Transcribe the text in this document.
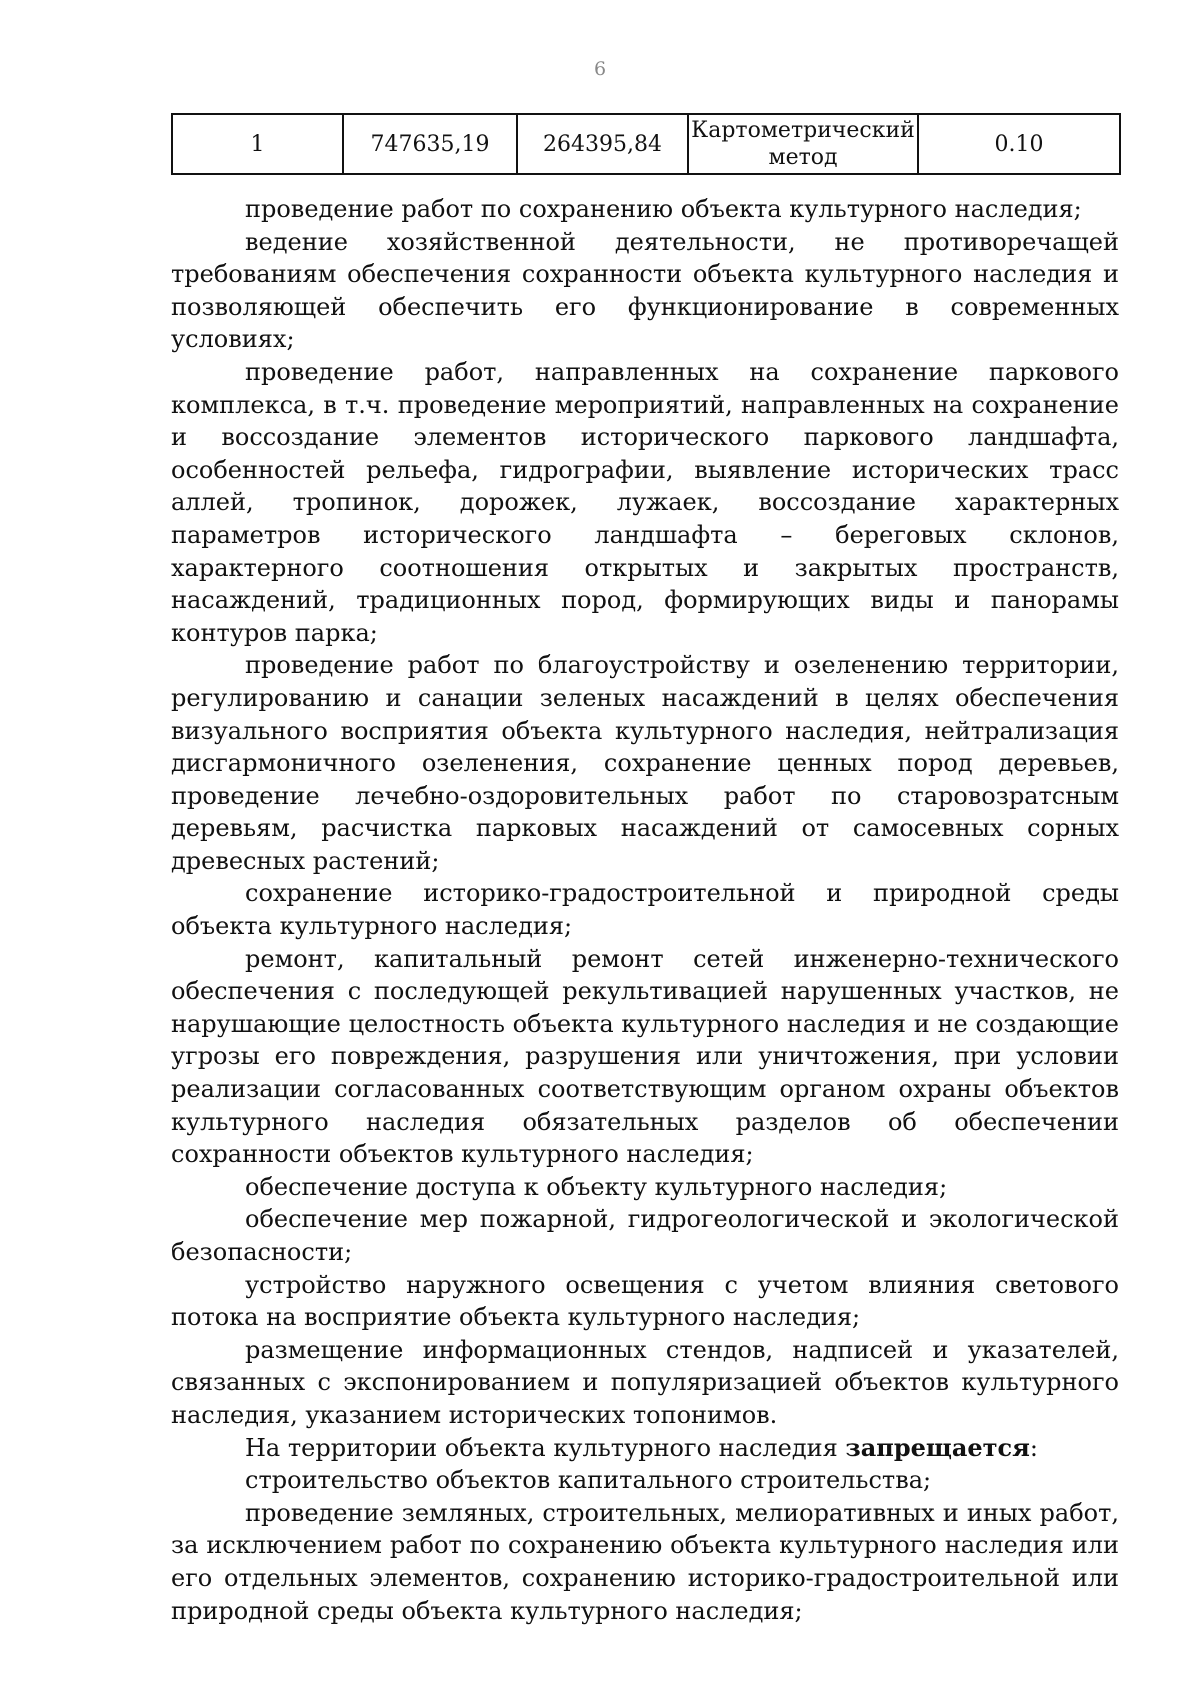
6
1	747635,19	264395,84	Картометрический метод	0.10

проведение работ по сохранению объекта культурного наследия;

ведение хозяйственной деятельности, не противоречащей требованиям обеспечения сохранности объекта культурного наследия и позволяющей обеспечить его функционирование в современных условиях;

проведение работ, направленных на сохранение паркового комплекса, в т.ч. проведение мероприятий, направленных на сохранение и воссоздание элементов исторического паркового ландшафта, особенностей рельефа, гидрографии, выявление исторических трасс аллей, тропинок, дорожек, лужаек, воссоздание характерных параметров исторического ландшафта – береговых склонов, характерного соотношения открытых и закрытых пространств, насаждений, традиционных пород, формирующих виды и панорамы контуров парка;

проведение работ по благоустройству и озеленению территории, регулированию и санации зеленых насаждений в целях обеспечения визуального восприятия объекта культурного наследия, нейтрализация дисгармоничного озеленения, сохранение ценных пород деревьев, проведение лечебно-оздоровительных работ по старовозратсным деревьям, расчистка парковых насаждений от самосевных сорных древесных растений;

сохранение историко-градостроительной и природной среды объекта культурного наследия;

ремонт, капитальный ремонт сетей инженерно-технического обеспечения с последующей рекультивацией нарушенных участков, не нарушающие целостность объекта культурного наследия и не создающие угрозы его повреждения, разрушения или уничтожения, при условии реализации согласованных соответствующим органом охраны объектов культурного наследия обязательных разделов об обеспечении сохранности объектов культурного наследия;

обеспечение доступа к объекту культурного наследия;

обеспечение мер пожарной, гидрогеологической и экологической безопасности;

устройство наружного освещения с учетом влияния светового потока на восприятие объекта культурного наследия;

размещение информационных стендов, надписей и указателей, связанных с экспонированием и популяризацией объектов культурного наследия, указанием исторических топонимов.

На территории объекта культурного наследия запрещается:

строительство объектов капитального строительства;

проведение земляных, строительных, мелиоративных и иных работ, за исключением работ по сохранению объекта культурного наследия или его отдельных элементов, сохранению историко-градостроительной или природной среды объекта культурного наследия;
